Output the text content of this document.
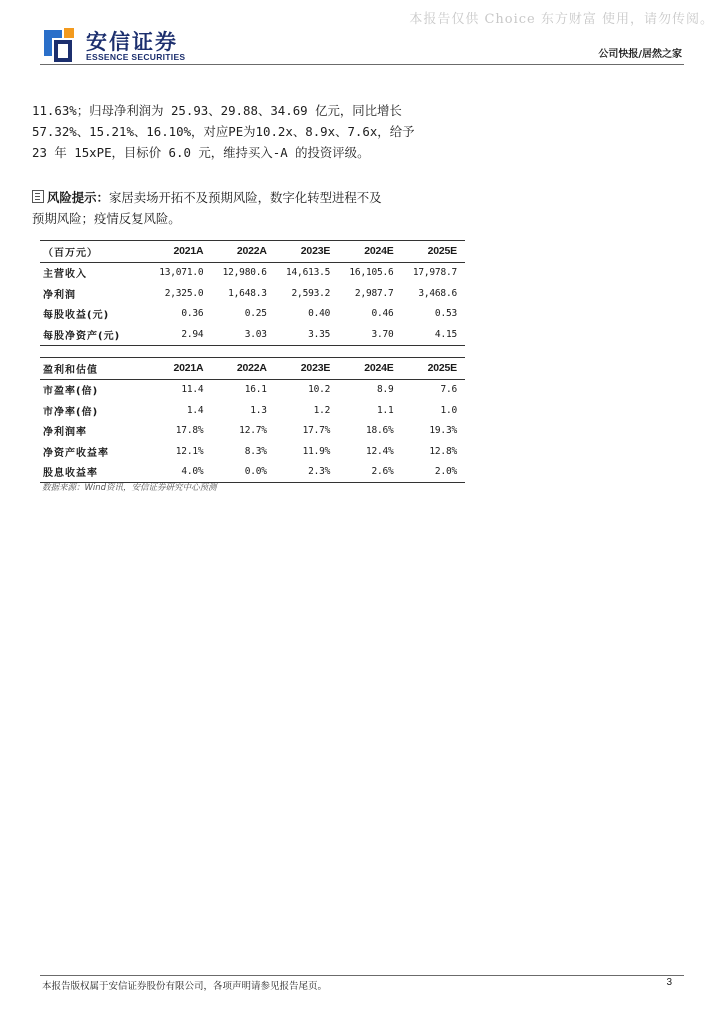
本报告仅供 Choice 东方财富 使用，请勿传阅。
安信证券
ESSENCE SECURITIES	公司快报/居然之家
11.63%；归母净利润为 25.93、29.88、34.69 亿元，同比增长
57.32%、15.21%、16.10%，对应PE为10.2x、8.9x、7.6x，给予
23 年 15xPE，目标价 6.0 元，维持买入-A 的投资评级。
风险提示：家居卖场开拓不及预期风险，数字化转型进程不及
预期风险；疫情反复风险。
（百万元）	2021A	2022A	2023E	2024E	2025E
主营收入	13,071.0	12,980.6	14,613.5	16,105.6	17,978.7
净利润	2,325.0	1,648.3	2,593.2	2,987.7	3,468.6
每股收益(元)	0.36	0.25	0.40	0.46	0.53
每股净资产(元)	2.94	3.03	3.35	3.70	4.15
盈利和估值	2021A	2022A	2023E	2024E	2025E
市盈率(倍)	11.4	16.1	10.2	8.9	7.6
市净率(倍)	1.4	1.3	1.2	1.1	1.0
净利润率	17.8%	12.7%	17.7%	18.6%	19.3%
净资产收益率	12.1%	8.3%	11.9%	12.4%	12.8%
股息收益率	4.0%	0.0%	2.3%	2.6%	2.0%
数据来源：Wind资讯，安信证券研究中心预测
本报告版权属于安信证券股份有限公司，各项声明请参见报告尾页。	3
